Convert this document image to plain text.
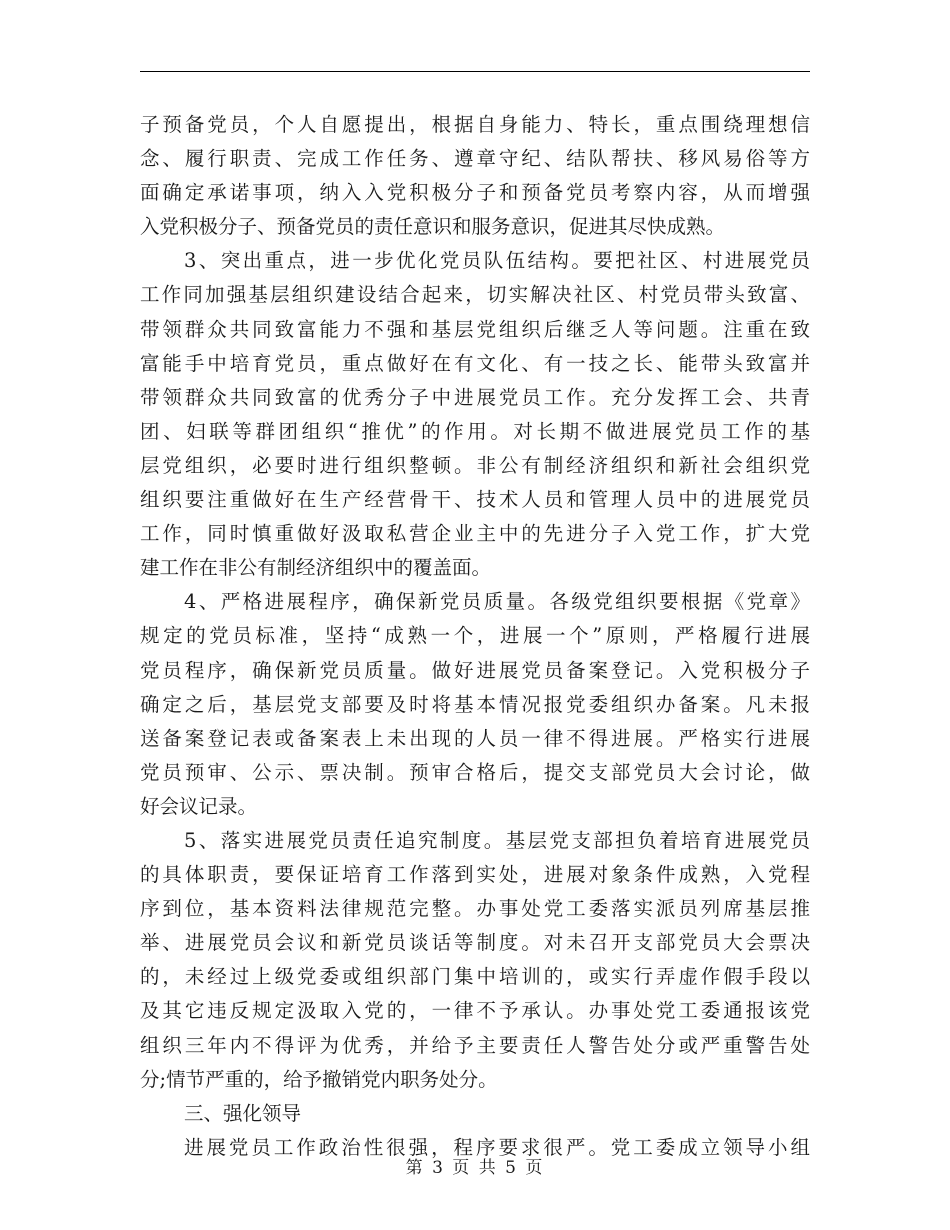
子预备党员，个人自愿提出，根据自身能力、特长，重点围绕理想信
念、履行职责、完成工作任务、遵章守纪、结队帮扶、移风易俗等方
面确定承诺事项，纳入入党积极分子和预备党员考察内容，从而增强
入党积极分子、预备党员的责任意识和服务意识，促进其尽快成熟。
3、突出重点，进一步优化党员队伍结构。要把社区、村进展党员
工作同加强基层组织建设结合起来，切实解决社区、村党员带头致富、
带领群众共同致富能力不强和基层党组织后继乏人等问题。注重在致
富能手中培育党员，重点做好在有文化、有一技之长、能带头致富并
带领群众共同致富的优秀分子中进展党员工作。充分发挥工会、共青
团、妇联等群团组织“推优”的作用。对长期不做进展党员工作的基
层党组织，必要时进行组织整顿。非公有制经济组织和新社会组织党
组织要注重做好在生产经营骨干、技术人员和管理人员中的进展党员
工作，同时慎重做好汲取私营企业主中的先进分子入党工作，扩大党
建工作在非公有制经济组织中的覆盖面。
4、严格进展程序，确保新党员质量。各级党组织要根据《党章》
规定的党员标准，坚持“成熟一个，进展一个”原则，严格履行进展
党员程序，确保新党员质量。做好进展党员备案登记。入党积极分子
确定之后，基层党支部要及时将基本情况报党委组织办备案。凡未报
送备案登记表或备案表上未出现的人员一律不得进展。严格实行进展
党员预审、公示、票决制。预审合格后，提交支部党员大会讨论，做
好会议记录。
5、落实进展党员责任追究制度。基层党支部担负着培育进展党员
的具体职责，要保证培育工作落到实处，进展对象条件成熟，入党程
序到位，基本资料法律规范完整。办事处党工委落实派员列席基层推
举、进展党员会议和新党员谈话等制度。对未召开支部党员大会票决
的，未经过上级党委或组织部门集中培训的，或实行弄虚作假手段以
及其它违反规定汲取入党的，一律不予承认。办事处党工委通报该党
组织三年内不得评为优秀，并给予主要责任人警告处分或严重警告处
分;情节严重的，给予撤销党内职务处分。
三、强化领导
进展党员工作政治性很强，程序要求很严。党工委成立领导小组
第 3 页 共 5 页
